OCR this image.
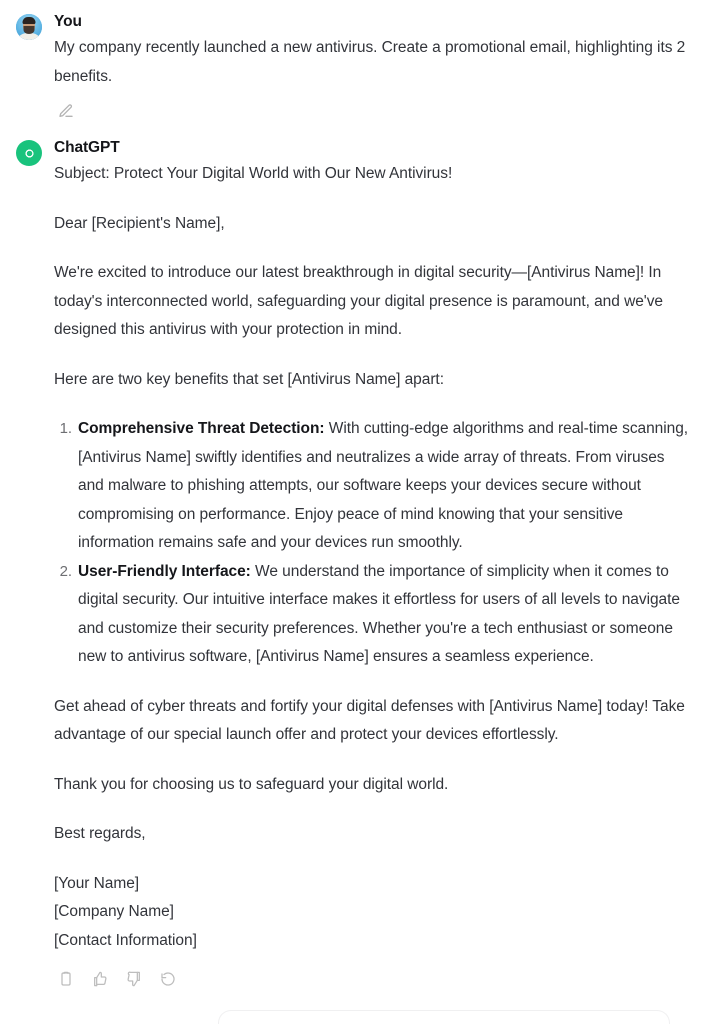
You

My company recently launched a new antivirus. Create a promotional email, highlighting its 2 benefits.

ChatGPT

Subject: Protect Your Digital World with Our New Antivirus!

Dear [Recipient's Name],

We're excited to introduce our latest breakthrough in digital security—[Antivirus Name]! In today's interconnected world, safeguarding your digital presence is paramount, and we've designed this antivirus with your protection in mind.

Here are two key benefits that set [Antivirus Name] apart:

Comprehensive Threat Detection: With cutting-edge algorithms and real-time scanning, [Antivirus Name] swiftly identifies and neutralizes a wide array of threats. From viruses and malware to phishing attempts, our software keeps your devices secure without compromising on performance. Enjoy peace of mind knowing that your sensitive information remains safe and your devices run smoothly.
User-Friendly Interface: We understand the importance of simplicity when it comes to digital security. Our intuitive interface makes it effortless for users of all levels to navigate and customize their security preferences. Whether you're a tech enthusiast or someone new to antivirus software, [Antivirus Name] ensures a seamless experience.

Get ahead of cyber threats and fortify your digital defenses with [Antivirus Name] today! Take advantage of our special launch offer and protect your devices effortlessly.

Thank you for choosing us to safeguard your digital world.

Best regards,

[Your Name]
[Company Name]
[Contact Information]
